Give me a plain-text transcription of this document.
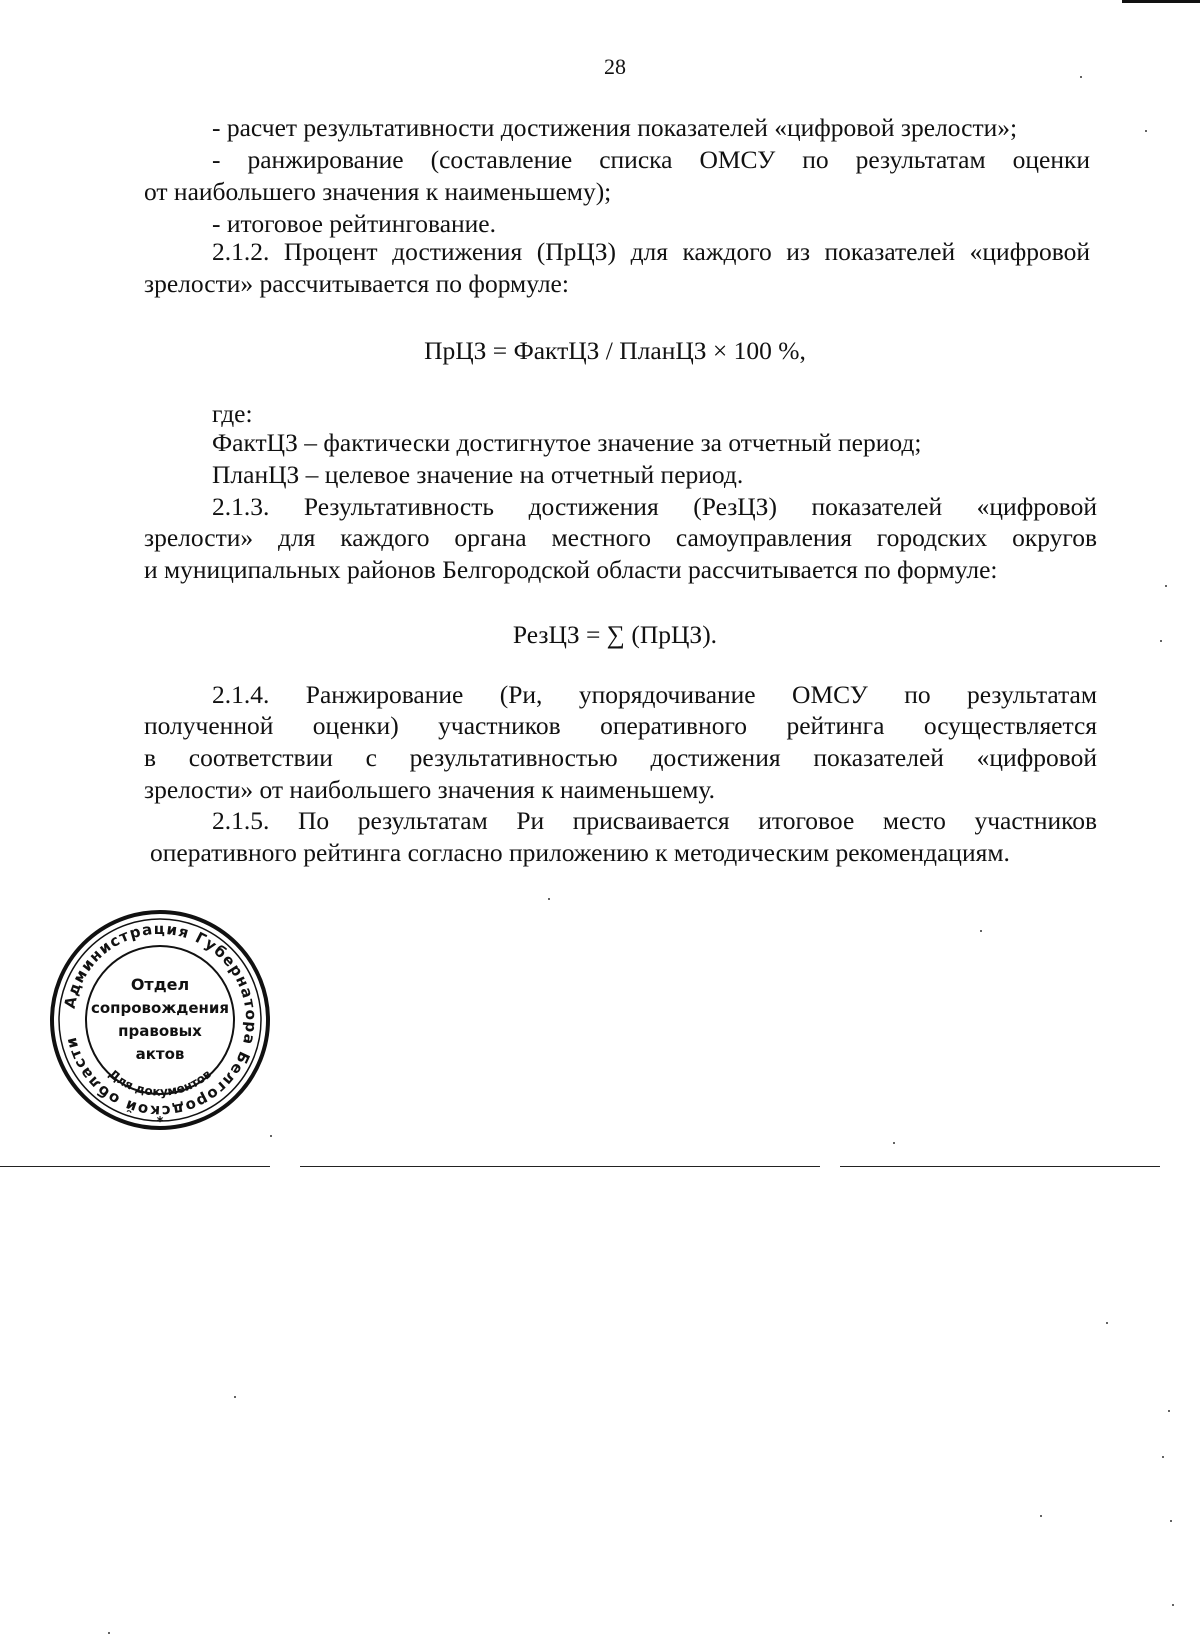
28
- расчет результативности достижения показателей «цифровой зрелости»;
- ранжирование (составление списка ОМСУ по результатам оценки
от наибольшего значения к наименьшему);
- итоговое рейтингование.
2.1.2. Процент достижения (ПрЦЗ) для каждого из показателей «цифровой
зрелости» рассчитывается по формуле:
ПрЦЗ = ФактЦЗ / ПланЦЗ × 100 %,
где:
ФактЦЗ – фактически достигнутое значение за отчетный период;
ПланЦЗ – целевое значение на отчетный период.
2.1.3. Результативность достижения (РезЦЗ) показателей «цифровой
зрелости» для каждого органа местного самоуправления городских округов
и муниципальных районов Белгородской области рассчитывается по формуле:
РезЦЗ = ∑ (ПрЦЗ).
2.1.4. Ранжирование (Ри, упорядочивание ОМСУ по результатам
полученной оценки) участников оперативного рейтинга осуществляется
в соответствии с результативностью достижения показателей «цифровой
зрелости» от наибольшего значения к наименьшему.
2.1.5. По результатам Ри присваивается итоговое место участников
оперативного рейтинга согласно приложению к методическим рекомендациям.
Администрация Губернатора Белгородской области
Для документов
*
Отдел
сопровождения
правовых
актов
